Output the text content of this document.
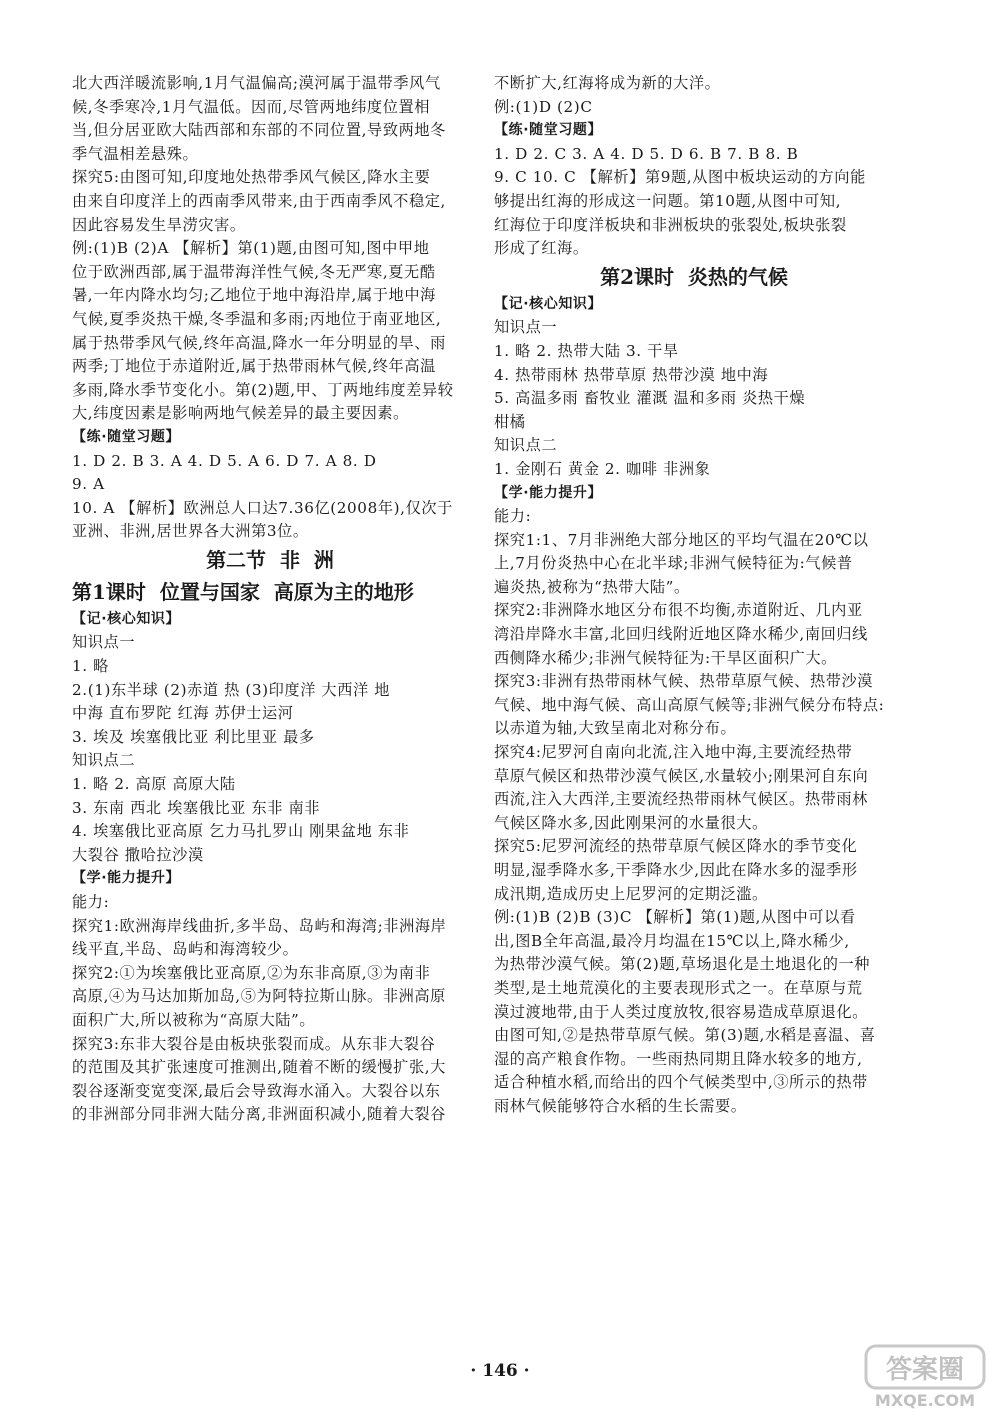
北大西洋暖流影响,1月气温偏高;漠河属于温带季风气
候,冬季寒冷,1月气温低。因而,尽管两地纬度位置相
当,但分居亚欧大陆西部和东部的不同位置,导致两地冬
季气温相差悬殊。
探究5:由图可知,印度地处热带季风气候区,降水主要
由来自印度洋上的西南季风带来,由于西南季风不稳定,
因此容易发生旱涝灾害。
例:(1)B (2)A 【解析】第(1)题,由图可知,图中甲地
位于欧洲西部,属于温带海洋性气候,冬无严寒,夏无酷
暑,一年内降水均匀;乙地位于地中海沿岸,属于地中海
气候,夏季炎热干燥,冬季温和多雨;丙地位于南亚地区,
属于热带季风气候,终年高温,降水一年分明显的旱、雨
两季;丁地位于赤道附近,属于热带雨林气候,终年高温
多雨,降水季节变化小。第(2)题,甲、丁两地纬度差异较
大,纬度因素是影响两地气候差异的最主要因素。
【练·随堂习题】
1. D 2. B 3. A 4. D 5. A 6. D 7. A 8. D
9. A
10. A 【解析】欧洲总人口达7.36亿(2008年),仅次于
亚洲、非洲,居世界各大洲第3位。
第二节  非  洲
第1课时  位置与国家  高原为主的地形
【记·核心知识】
知识点一
1. 略
2.(1)东半球 (2)赤道 热 (3)印度洋 大西洋 地
中海 直布罗陀 红海 苏伊士运河
3. 埃及 埃塞俄比亚 利比里亚 最多
知识点二
1. 略 2. 高原 高原大陆
3. 东南 西北 埃塞俄比亚 东非 南非
4. 埃塞俄比亚高原 乞力马扎罗山 刚果盆地 东非
大裂谷 撒哈拉沙漠
【学·能力提升】
能力:
探究1:欧洲海岸线曲折,多半岛、岛屿和海湾;非洲海岸
线平直,半岛、岛屿和海湾较少。
探究2:①为埃塞俄比亚高原,②为东非高原,③为南非
高原,④为马达加斯加岛,⑤为阿特拉斯山脉。非洲高原
面积广大,所以被称为“高原大陆”。
探究3:东非大裂谷是由板块张裂而成。从东非大裂谷
的范围及其扩张速度可推测出,随着不断的缓慢扩张,大
裂谷逐渐变宽变深,最后会导致海水涌入。大裂谷以东
的非洲部分同非洲大陆分离,非洲面积减小,随着大裂谷
不断扩大,红海将成为新的大洋。
例:(1)D (2)C
【练·随堂习题】
1. D 2. C 3. A 4. D 5. D 6. B 7. B 8. B
9. C 10. C 【解析】第9题,从图中板块运动的方向能
够提出红海的形成这一问题。第10题,从图中可知,
红海位于印度洋板块和非洲板块的张裂处,板块张裂
形成了红海。
第2课时  炎热的气候
【记·核心知识】
知识点一
1. 略 2. 热带大陆 3. 干旱
4. 热带雨林 热带草原 热带沙漠 地中海
5. 高温多雨 畜牧业 灌溉 温和多雨 炎热干燥
柑橘
知识点二
1. 金刚石 黄金 2. 咖啡 非洲象
【学·能力提升】
能力:
探究1:1、7月非洲绝大部分地区的平均气温在20℃以
上,7月份炎热中心在北半球;非洲气候特征为:气候普
遍炎热,被称为“热带大陆”。
探究2:非洲降水地区分布很不均衡,赤道附近、几内亚
湾沿岸降水丰富,北回归线附近地区降水稀少,南回归线
西侧降水稀少;非洲气候特征为:干旱区面积广大。
探究3:非洲有热带雨林气候、热带草原气候、热带沙漠
气候、地中海气候、高山高原气候等;非洲气候分布特点:
以赤道为轴,大致呈南北对称分布。
探究4:尼罗河自南向北流,注入地中海,主要流经热带
草原气候区和热带沙漠气候区,水量较小;刚果河自东向
西流,注入大西洋,主要流经热带雨林气候区。热带雨林
气候区降水多,因此刚果河的水量很大。
探究5:尼罗河流经的热带草原气候区降水的季节变化
明显,湿季降水多,干季降水少,因此在降水多的湿季形
成汛期,造成历史上尼罗河的定期泛滥。
例:(1)B (2)B (3)C 【解析】第(1)题,从图中可以看
出,图B全年高温,最冷月均温在15℃以上,降水稀少,
为热带沙漠气候。第(2)题,草场退化是土地退化的一种
类型,是土地荒漠化的主要表现形式之一。在草原与荒
漠过渡地带,由于人类过度放牧,很容易造成草原退化。
由图可知,②是热带草原气候。第(3)题,水稻是喜温、喜
湿的高产粮食作物。一些雨热同期且降水较多的地方,
适合种植水稻,而给出的四个气候类型中,③所示的热带
雨林气候能够符合水稻的生长需要。
· 146 ·	答案圈
MXQE.COM
